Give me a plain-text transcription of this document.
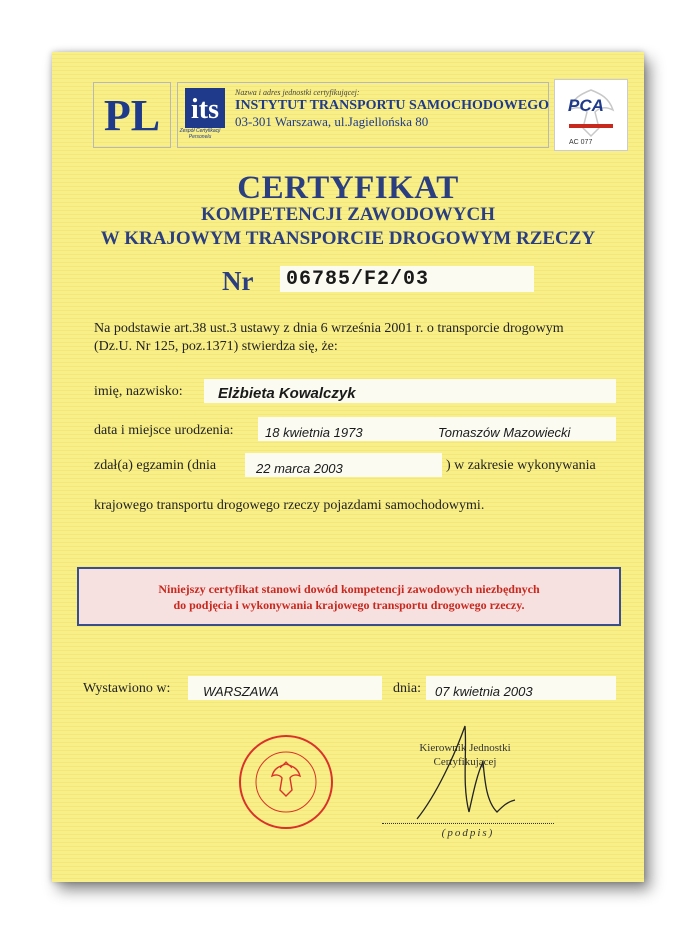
PL	its
Zespół Certyfikacji Personelu
Nazwa i adres jednostki certyfikującej:
INSTYTUT TRANSPORTU SAMOCHODOWEGO
03-301 Warszawa, ul.Jagiellońska 80
PCA
AC 077
CERTYFIKAT
KOMPETENCJI ZAWODOWYCH
W KRAJOWYM TRANSPORCIE DROGOWYM RZECZY
Nr 06785/F2/03
Na podstawie art.38 ust.3 ustawy z dnia 6 września 2001 r. o transporcie drogowym
(Dz.U. Nr 125, poz.1371) stwierdza się, że:
imię, nazwisko: Elżbieta Kowalczyk
data i miejsce urodzenia: 18 kwietnia 1973	Tomaszów Mazowiecki
zdał(a) egzamin (dnia	22 marca 2003	) w zakresie wykonywania
krajowego transportu drogowego rzeczy pojazdami samochodowymi.
Niniejszy certyfikat stanowi dowód kompetencji zawodowych niezbędnych
do podjęcia i wykonywania krajowego transportu drogowego rzeczy.
Wystawiono w:	WARSZAWA	dnia: 07 kwietnia 2003
Kierownik Jednostki
Certyfikującej
(podpis)
